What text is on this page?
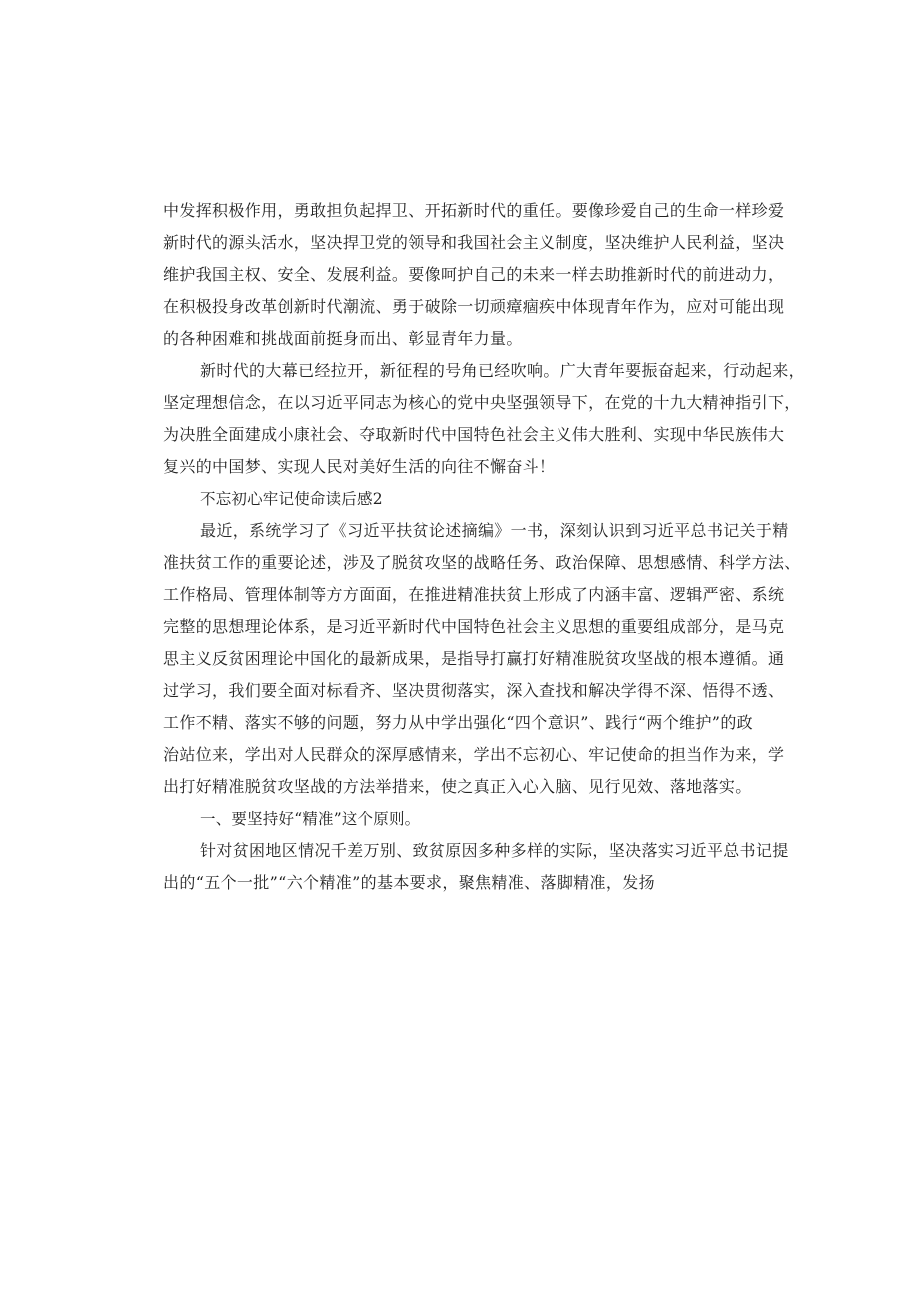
中发挥积极作用，勇敢担负起捍卫、开拓新时代的重任。要像珍爱自己的生命一样珍爱
新时代的源头活水，坚决捍卫党的领导和我国社会主义制度，坚决维护人民利益，坚决
维护我国主权、安全、发展利益。要像呵护自己的未来一样去助推新时代的前进动力，
在积极投身改革创新时代潮流、勇于破除一切顽瘴痼疾中体现青年作为，应对可能出现
的各种困难和挑战面前挺身而出、彰显青年力量。

新时代的大幕已经拉开，新征程的号角已经吹响。广大青年要振奋起来，行动起来，
坚定理想信念，在以习近平同志为核心的党中央坚强领导下，在党的十九大精神指引下，
为决胜全面建成小康社会、夺取新时代中国特色社会主义伟大胜利、实现中华民族伟大
复兴的中国梦、实现人民对美好生活的向往不懈奋斗！

不忘初心牢记使命读后感2

最近，系统学习了《习近平扶贫论述摘编》一书，深刻认识到习近平总书记关于精
准扶贫工作的重要论述，涉及了脱贫攻坚的战略任务、政治保障、思想感情、科学方法、
工作格局、管理体制等方方面面，在推进精准扶贫上形成了内涵丰富、逻辑严密、系统
完整的思想理论体系，是习近平新时代中国特色社会主义思想的重要组成部分，是马克
思主义反贫困理论中国化的最新成果，是指导打赢打好精准脱贫攻坚战的根本遵循。通
过学习，我们要全面对标看齐、坚决贯彻落实，深入查找和解决学得不深、悟得不透、
工作不精、落实不够的问题，努力从中学出强化“四个意识”、践行“两个维护”的政
治站位来，学出对人民群众的深厚感情来，学出不忘初心、牢记使命的担当作为来，学
出打好精准脱贫攻坚战的方法举措来，使之真正入心入脑、见行见效、落地落实。

一、要坚持好“精准”这个原则。

针对贫困地区情况千差万别、致贫原因多种多样的实际，坚决落实习近平总书记提
出的“五个一批”“六个精准”的基本要求，聚焦精准、落脚精准，发扬
